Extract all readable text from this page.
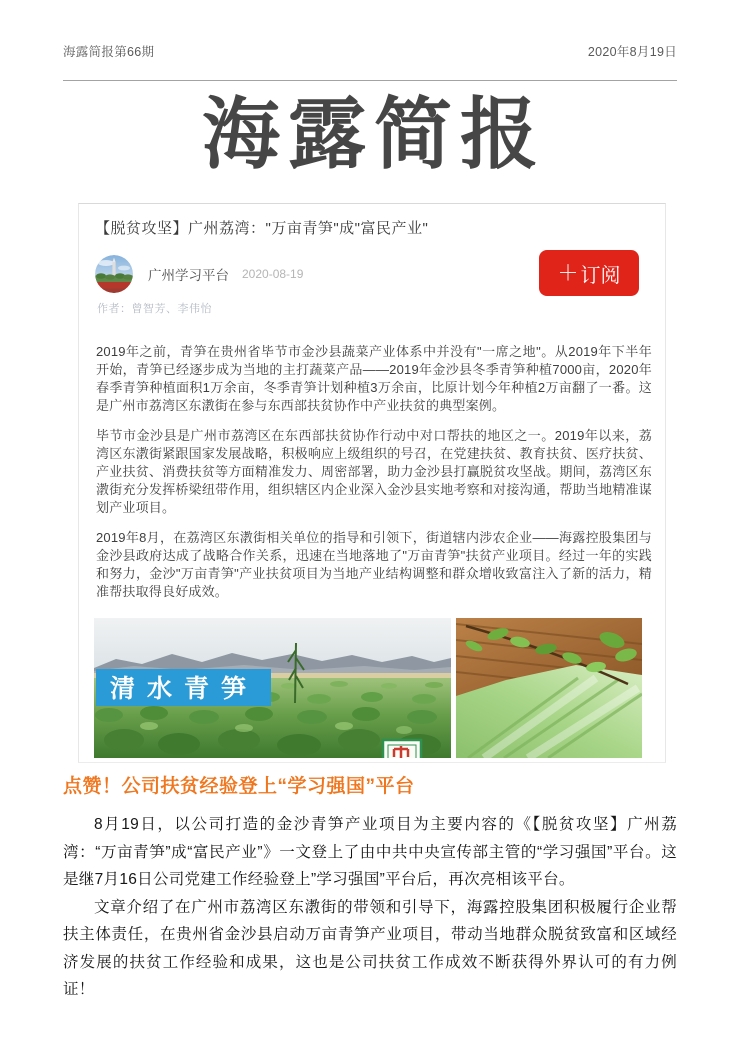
海露简报第66期	2020年8月19日
海露简报
【脱贫攻坚】广州荔湾："万亩青笋"成"富民产业"
广州学习平台 2020-08-19
作者：曾智芳、李伟怡
＋ 订阅

2019年之前，青笋在贵州省毕节市金沙县蔬菜产业体系中并没有"一席之地"。从2019年下半年开始，青笋已经逐步成为当地的主打蔬菜产品——2019年金沙县冬季青笋种植7000亩，2020年春季青笋种植面积1万余亩，冬季青笋计划种植3万余亩，比原计划今年种植2万亩翻了一番。这是广州市荔湾区东漖街在参与东西部扶贫协作中产业扶贫的典型案例。

毕节市金沙县是广州市荔湾区在东西部扶贫协作行动中对口帮扶的地区之一。2019年以来，荔湾区东漖街紧跟国家发展战略，积极响应上级组织的号召，在党建扶贫、教育扶贫、医疗扶贫、产业扶贫、消费扶贫等方面精准发力、周密部署，助力金沙县打赢脱贫攻坚战。期间，荔湾区东漖街充分发挥桥梁纽带作用，组织辖区内企业深入金沙县实地考察和对接沟通，帮助当地精准谋划产业项目。

2019年8月，在荔湾区东漖街相关单位的指导和引领下，街道辖内涉农企业——海露控股集团与金沙县政府达成了战略合作关系，迅速在当地落地了"万亩青笋"扶贫产业项目。经过一年的实践和努力，金沙"万亩青笋"产业扶贫项目为当地产业结构调整和群众增收致富注入了新的活力，精准帮扶取得良好成效。

清水青笋
点赞！公司扶贫经验登上“学习强国”平台

8月19日，以公司打造的金沙青笋产业项目为主要内容的《【脱贫攻坚】广州荔湾：“万亩青笋”成“富民产业”》一文登上了由中共中央宣传部主管的“学习强国”平台。这是继7月16日公司党建工作经验登上”学习强国”平台后，再次亮相该平台。

文章介绍了在广州市荔湾区东漖街的带领和引导下，海露控股集团积极履行企业帮扶主体责任，在贵州省金沙县启动万亩青笋产业项目，带动当地群众脱贫致富和区域经济发展的扶贫工作经验和成果，这也是公司扶贫工作成效不断获得外界认可的有力例证！
